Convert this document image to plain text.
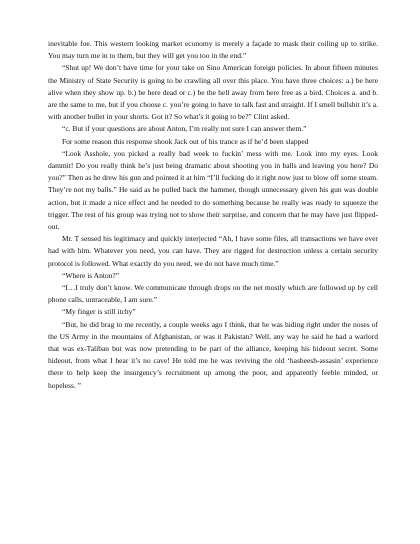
inevitable foe. This western looking market economy is merely a façade to mask their coiling up to strike. You may turn me in to them, but they will get you too in the end.”

“Shut up! We don’t have time for your take on Sino American foreign policies. In about fifteen minutes the Ministry of State Security is going to be crawling all over this place. You have three choices: a.) be here alive when they show up. b.) be here dead or c.) be the hell away from here free as a bird. Choices a. and b. are the same to me, but if you choose c. you’re going to have to talk fast and straight. If I smell bullshit it’s a. with another bullet in your shorts. Got it? So what’s it going to be?” Clint asked.

“c. But if your questions are about Anton, I’m really not sure I can answer them.”

For some reason this response shook Jack out of his trance as if he’d been slapped

“Look Asshole, you picked a really bad week to fuckin’ mess with me. Look into my eyes. Look dammit! Do you really think he’s just being dramatic about shooting you in balls and leaving you here? Do you?” Then as he drew his gun and pointed it at him “I’ll fucking do it right now just to blow off some steam. They’re not my balls.” He said as he pulled back the hammer, though unnecessary given his gun was double action, but it made a nice effect and he needed to do something because he really was ready to squeeze the trigger. The rest of his group was trying not to show their surprise, and concern that he may have just flipped-out.

Mr. T sensed his legitimacy and quickly interjected “Ah, I have some files, all transactions we have ever had with him. Whatever you need, you can have. They are rigged for destruction unless a certain security protocol is followed. What exactly do you need, we do not have much time.”

“Where is Anton?”

“I…I truly don’t know. We communicate through drops on the net mostly which are followed up by cell phone calls, untraceable, I am sure.”

“My finger is still itchy”

“But, he did brag to me recently, a couple weeks ago I think, that he was hiding right under the noses of the US Army in the mountains of Afghanistan, or was it Pakistan? Well, any way he said he had a warlord that was ex-Taliban but was now pretending to be part of the alliance, keeping his hideout secret. Some hideout, from what I hear it’s no cave! He told me he was reviving the old ‘hasheesh-assasin’ experience there to help keep the insurgency’s recruitment up among the poor, and apparently feeble minded, or hopeless. ”
